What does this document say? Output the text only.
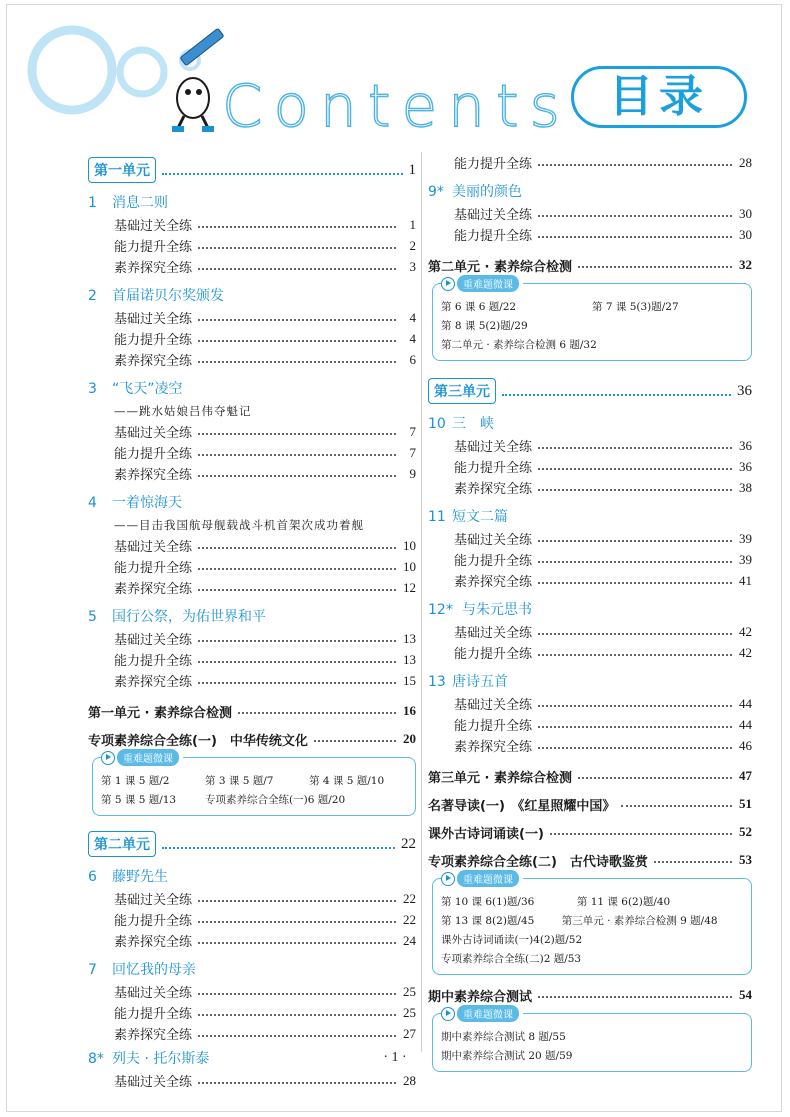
Contents 目录
第一单元	1
1 消息二则
基础过关全练	1
能力提升全练	2
素养探究全练	3
2 首届诺贝尔奖颁发
基础过关全练	4
能力提升全练	4
素养探究全练	6
3 “飞天”凌空
——跳水姑娘吕伟夺魁记
基础过关全练	7
能力提升全练	7
素养探究全练	9
4 一着惊海天
——目击我国航母舰载战斗机首架次成功着舰
基础过关全练	10
能力提升全练	10
素养探究全练	12
5 国行公祭，为佑世界和平
基础过关全练	13
能力提升全练	13
素养探究全练	15
第一单元 · 素养综合检测	16
专项素养综合全练(一)　中华传统文化	20
重难题微课
第 1 课 5 题/2	第 3 课 5 题/7	第 4 课 5 题/10
第 5 课 5 题/13	专项素养综合全练(一)6 题/20
第二单元	22
6 藤野先生
基础过关全练	22
能力提升全练	22
素养探究全练	24
7 回忆我的母亲
基础过关全练	25
能力提升全练	25
素养探究全练	27
8* 列夫 · 托尔斯泰
基础过关全练	28
能力提升全练	28
9* 美丽的颜色
基础过关全练	30
能力提升全练	30
第二单元 · 素养综合检测	32
重难题微课
第 6 课 6 题/22	第 7 课 5(3)题/27
第 8 课 5(2)题/29
第二单元 · 素养综合检测 6 题/32
第三单元	36
10 三　峡
基础过关全练	36
能力提升全练	36
素养探究全练	38
11 短文二篇
基础过关全练	39
能力提升全练	39
素养探究全练	41
12* 与朱元思书
基础过关全练	42
能力提升全练	42
13 唐诗五首
基础过关全练	44
能力提升全练	44
素养探究全练	46
第三单元 · 素养综合检测	47
名著导读(一)　《红星照耀中国》	51
课外古诗词诵读(一)	52
专项素养综合全练(二)　古代诗歌鉴赏	53
重难题微课
第 10 课 6(1)题/36	第 11 课 6(2)题/40
第 13 课 8(2)题/45	第三单元 · 素养综合检测 9 题/48
课外古诗词诵读(一)4(2)题/52
专项素养综合全练(二)2 题/53
期中素养综合测试	54
重难题微课
期中素养综合测试 8 题/55
期中素养综合测试 20 题/59
· 1 ·
